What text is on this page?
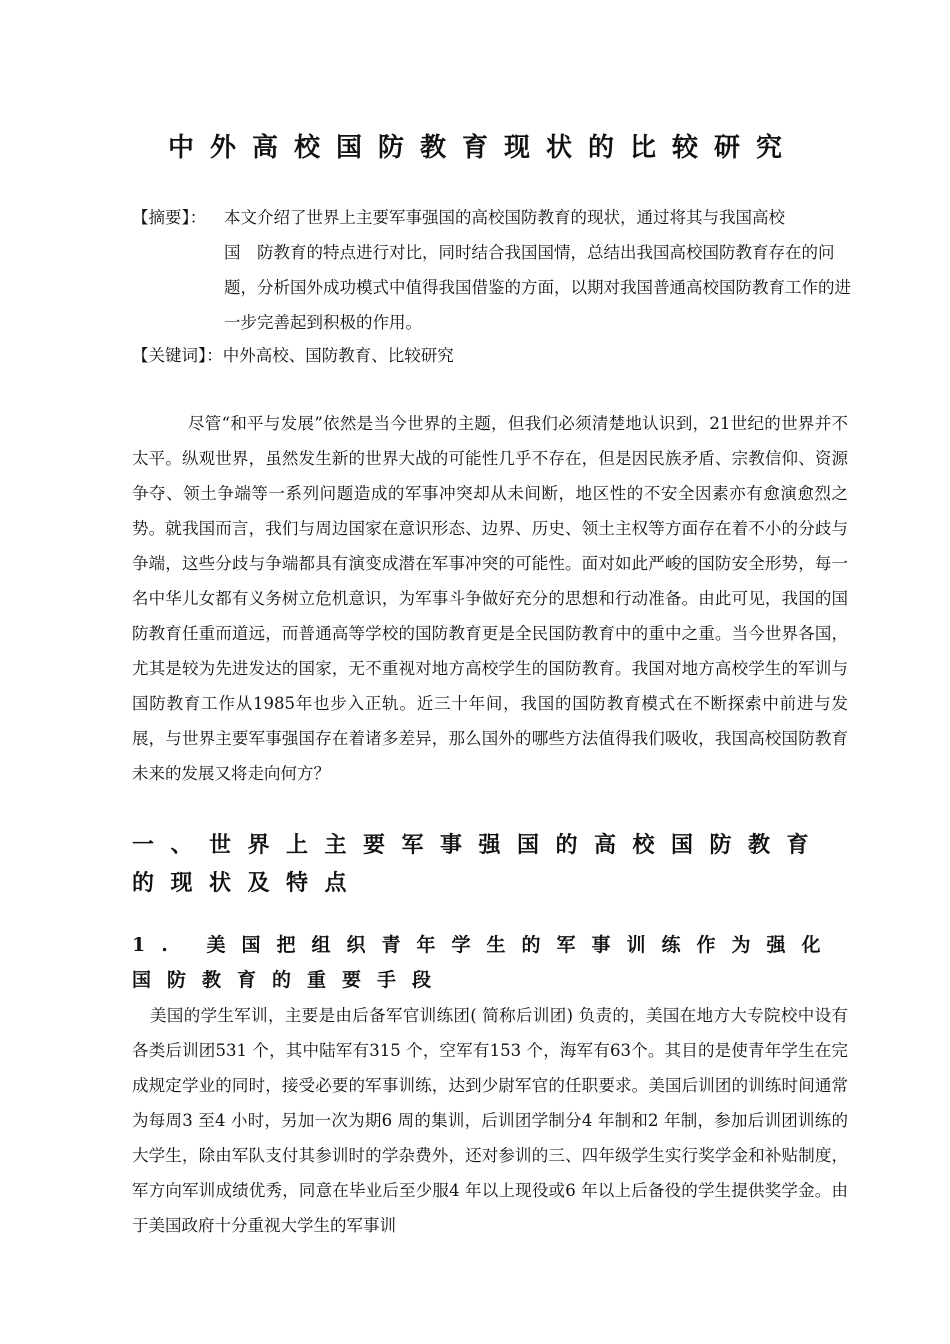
中外高校国防教育现状的比较研究
【摘要】：	本文介绍了世界上主要军事强国的高校国防教育的现状，通过将其与我国高校
国　防教育的特点进行对比，同时结合我国国情，总结出我国高校国防教育存在的问题，分析国外成功模式中值得我国借鉴的方面，以期对我国普通高校国防教育工作的进一步完善起到积极的作用。
【关键词】：中外高校、国防教育、比较研究

尽管“和平与发展”依然是当今世界的主题，但我们必须清楚地认识到，21世纪的世界并不太平。纵观世界，虽然发生新的世界大战的可能性几乎不存在，但是因民族矛盾、宗教信仰、资源争夺、领土争端等一系列问题造成的军事冲突却从未间断，地区性的不安全因素亦有愈演愈烈之势。就我国而言，我们与周边国家在意识形态、边界、历史、领土主权等方面存在着不小的分歧与争端，这些分歧与争端都具有演变成潜在军事冲突的可能性。面对如此严峻的国防安全形势，每一名中华儿女都有义务树立危机意识，为军事斗争做好充分的思想和行动准备。由此可见，我国的国防教育任重而道远，而普通高等学校的国防教育更是全民国防教育中的重中之重。当今世界各国，尤其是较为先进发达的国家，无不重视对地方高校学生的国防教育。我国对地方高校学生的军训与国防教育工作从1985年也步入正轨。近三十年间，我国的国防教育模式在不断探索中前进与发展，与世界主要军事强国存在着诸多差异，那么国外的哪些方法值得我们吸收，我国高校国防教育未来的发展又将走向何方？

一、世界上主要军事强国的高校国防教育的现状及特点
1. 美国把组织青年学生的军事训练作为强化国防教育的重要手段

美国的学生军训，主要是由后备军官训练团( 简称后训团) 负责的，美国在地方大专院校中设有各类后训团531 个，其中陆军有315 个，空军有153 个，海军有63个。其目的是使青年学生在完成规定学业的同时，接受必要的军事训练，达到少尉军官的任职要求。美国后训团的训练时间通常为每周3 至4 小时，另加一次为期6 周的集训，后训团学制分4 年制和2 年制，参加后训团训练的大学生，除由军队支付其参训时的学杂费外，还对参训的三、四年级学生实行奖学金和补贴制度，军方向军训成绩优秀，同意在毕业后至少服4 年以上现役或6 年以上后备役的学生提供奖学金。由于美国政府十分重视大学生的军事训
